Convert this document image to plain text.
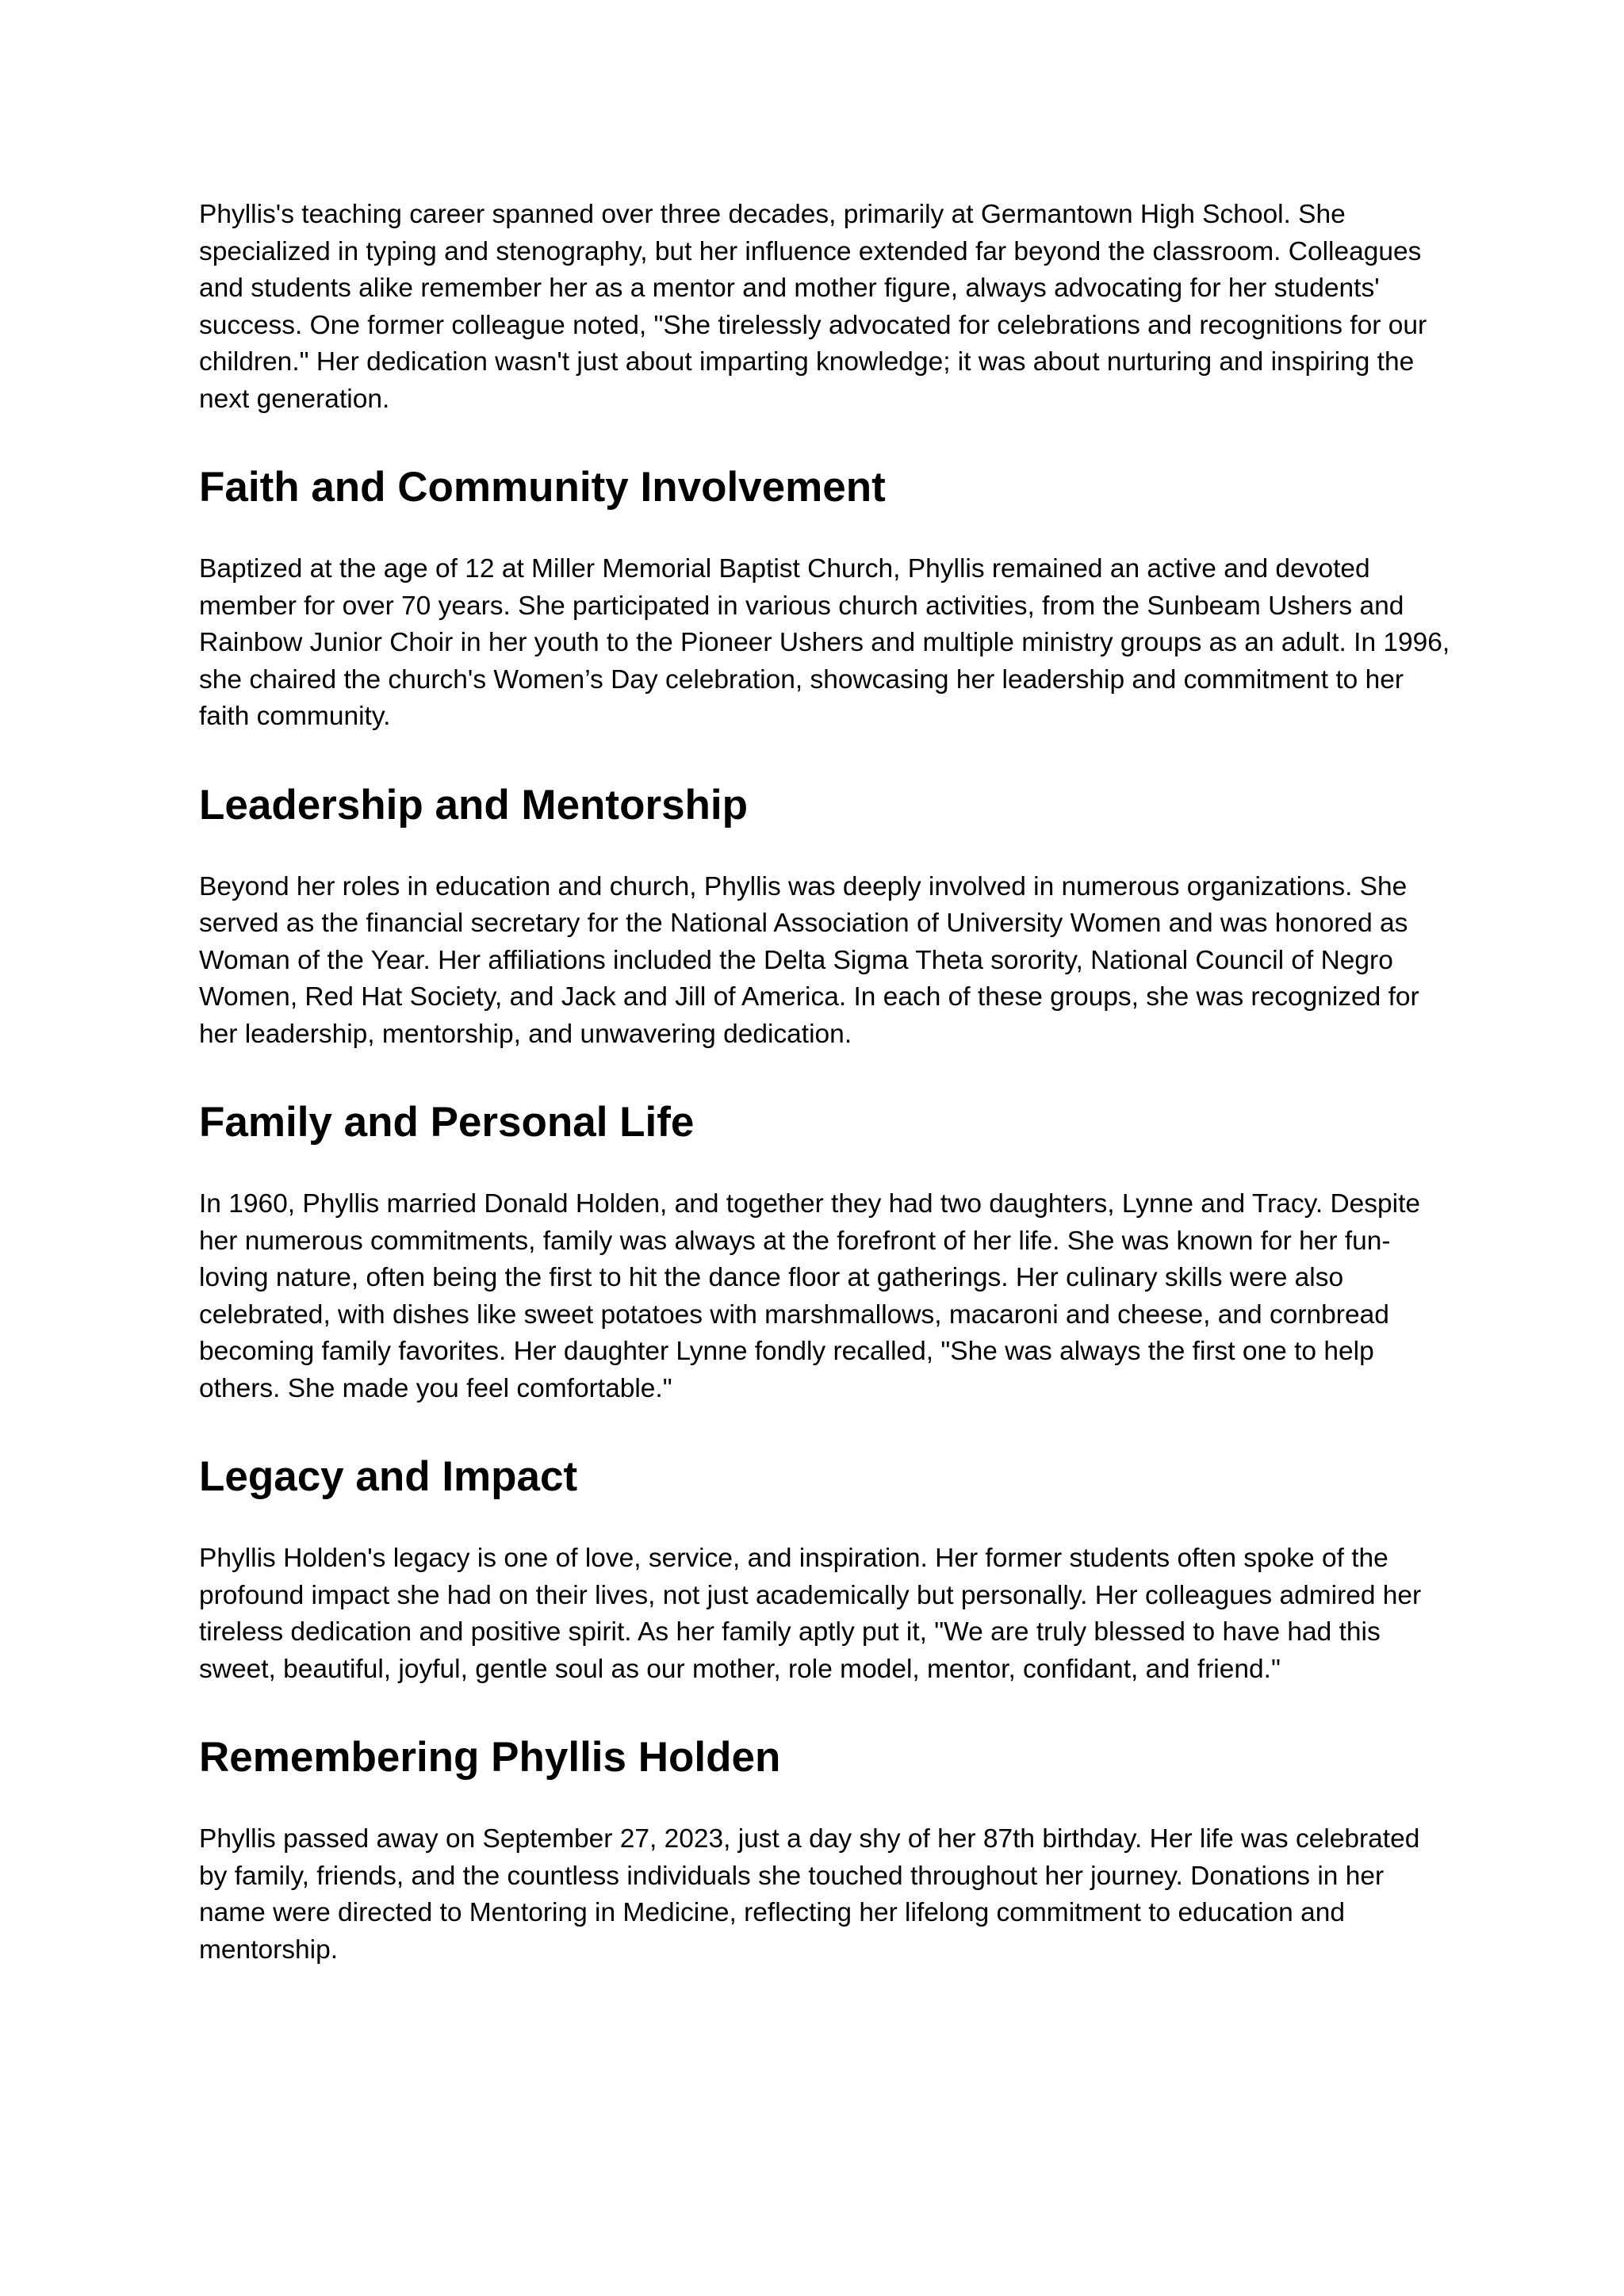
Phyllis's teaching career spanned over three decades, primarily at Germantown High School. She specialized in typing and stenography, but her influence extended far beyond the classroom. Colleagues and students alike remember her as a mentor and mother figure, always advocating for her students' success. One former colleague noted, "She tirelessly advocated for celebrations and recognitions for our children." Her dedication wasn't just about imparting knowledge; it was about nurturing and inspiring the next generation.

Faith and Community Involvement

Baptized at the age of 12 at Miller Memorial Baptist Church, Phyllis remained an active and devoted member for over 70 years. She participated in various church activities, from the Sunbeam Ushers and Rainbow Junior Choir in her youth to the Pioneer Ushers and multiple ministry groups as an adult. In 1996, she chaired the church's Women’s Day celebration, showcasing her leadership and commitment to her faith community.

Leadership and Mentorship

Beyond her roles in education and church, Phyllis was deeply involved in numerous organizations. She served as the financial secretary for the National Association of University Women and was honored as Woman of the Year. Her affiliations included the Delta Sigma Theta sorority, National Council of Negro Women, Red Hat Society, and Jack and Jill of America. In each of these groups, she was recognized for her leadership, mentorship, and unwavering dedication.

Family and Personal Life

In 1960, Phyllis married Donald Holden, and together they had two daughters, Lynne and Tracy. Despite her numerous commitments, family was always at the forefront of her life. She was known for her fun-loving nature, often being the first to hit the dance floor at gatherings. Her culinary skills were also celebrated, with dishes like sweet potatoes with marshmallows, macaroni and cheese, and cornbread becoming family favorites. Her daughter Lynne fondly recalled, "She was always the first one to help others. She made you feel comfortable."

Legacy and Impact

Phyllis Holden's legacy is one of love, service, and inspiration. Her former students often spoke of the profound impact she had on their lives, not just academically but personally. Her colleagues admired her tireless dedication and positive spirit. As her family aptly put it, "We are truly blessed to have had this sweet, beautiful, joyful, gentle soul as our mother, role model, mentor, confidant, and friend."

Remembering Phyllis Holden

Phyllis passed away on September 27, 2023, just a day shy of her 87th birthday. Her life was celebrated by family, friends, and the countless individuals she touched throughout her journey. Donations in her name were directed to Mentoring in Medicine, reflecting her lifelong commitment to education and mentorship.
